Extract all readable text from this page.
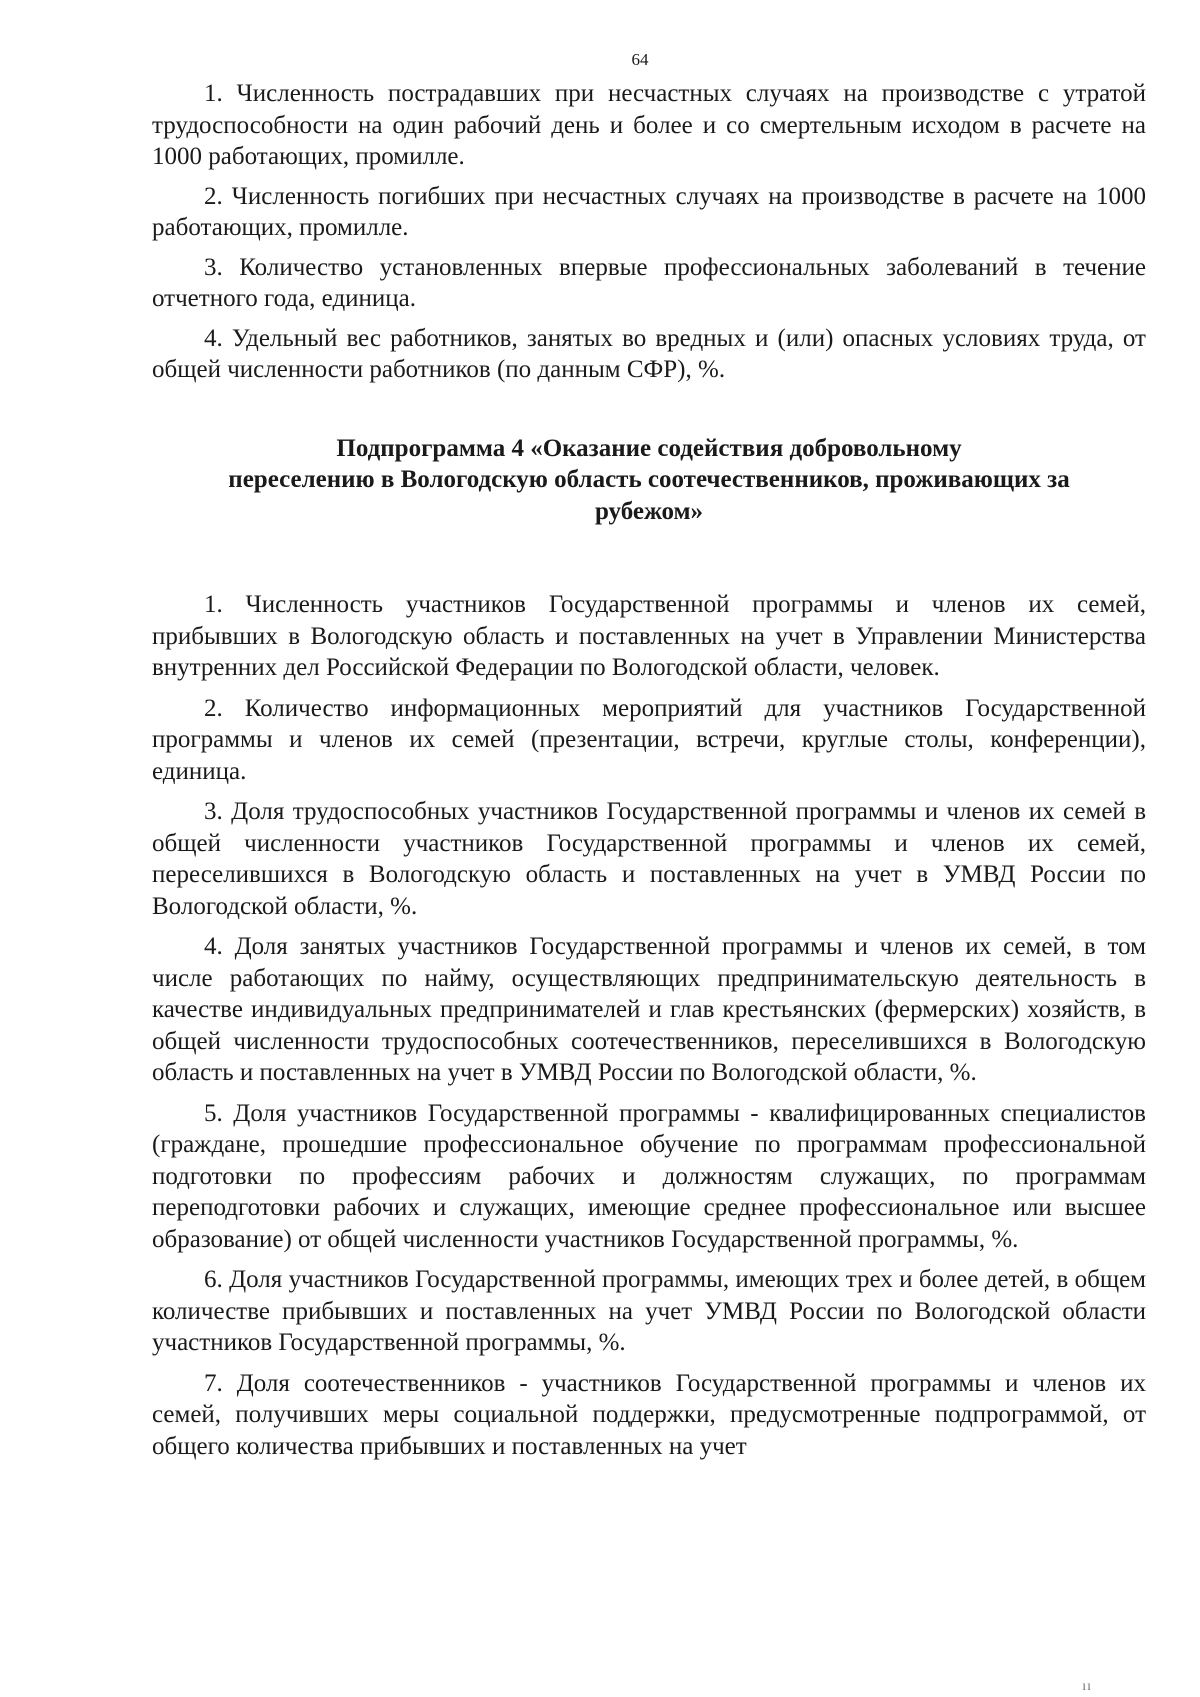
64

1. Численность пострадавших при несчастных случаях на производстве с утратой трудоспособности на один рабочий день и более и со смертельным исходом в расчете на 1000 работающих, промилле.

2. Численность погибших при несчастных случаях на производстве в расчете на 1000 работающих, промилле.

3. Количество установленных впервые профессиональных заболеваний в течение отчетного года, единица.

4. Удельный вес работников, занятых во вредных и (или) опасных условиях труда, от общей численности работников (по данным СФР), %.

Подпрограмма 4 «Оказание содействия добровольному
переселению в Вологодскую область соотечественников, проживающих за
рубежом»

1. Численность участников Государственной программы и членов их семей, прибывших в Вологодскую область и поставленных на учет в Управлении Министерства внутренних дел Российской Федерации по Вологодской области, человек.

2. Количество информационных мероприятий для участников Государственной программы и членов их семей (презентации, встречи, круглые столы, конференции), единица.

3. Доля трудоспособных участников Государственной программы и членов их семей в общей численности участников Государственной программы и членов их семей, переселившихся в Вологодскую область и поставленных на учет в УМВД России по Вологодской области, %.

4. Доля занятых участников Государственной программы и членов их семей, в том числе работающих по найму, осуществляющих предпринимательскую деятельность в качестве индивидуальных предпринимателей и глав крестьянских (фермерских) хозяйств, в общей численности трудоспособных соотечественников, переселившихся в Вологодскую область и поставленных на учет в УМВД России по Вологодской области, %.

5. Доля участников Государственной программы - квалифицированных специалистов (граждане, прошедшие профессиональное обучение по программам профессиональной подготовки по профессиям рабочих и должностям служащих, по программам переподготовки рабочих и служащих, имеющие среднее профессиональное или высшее образование) от общей численности участников Государственной программы, %.

6. Доля участников Государственной программы, имеющих трех и более детей, в общем количестве прибывших и поставленных на учет УМВД России по Вологодской области участников Государственной программы, %.

7. Доля соотечественников - участников Государственной программы и членов их семей, получивших меры социальной поддержки, предусмотренные подпрограммой, от общего количества прибывших и поставленных на учет

ıı
